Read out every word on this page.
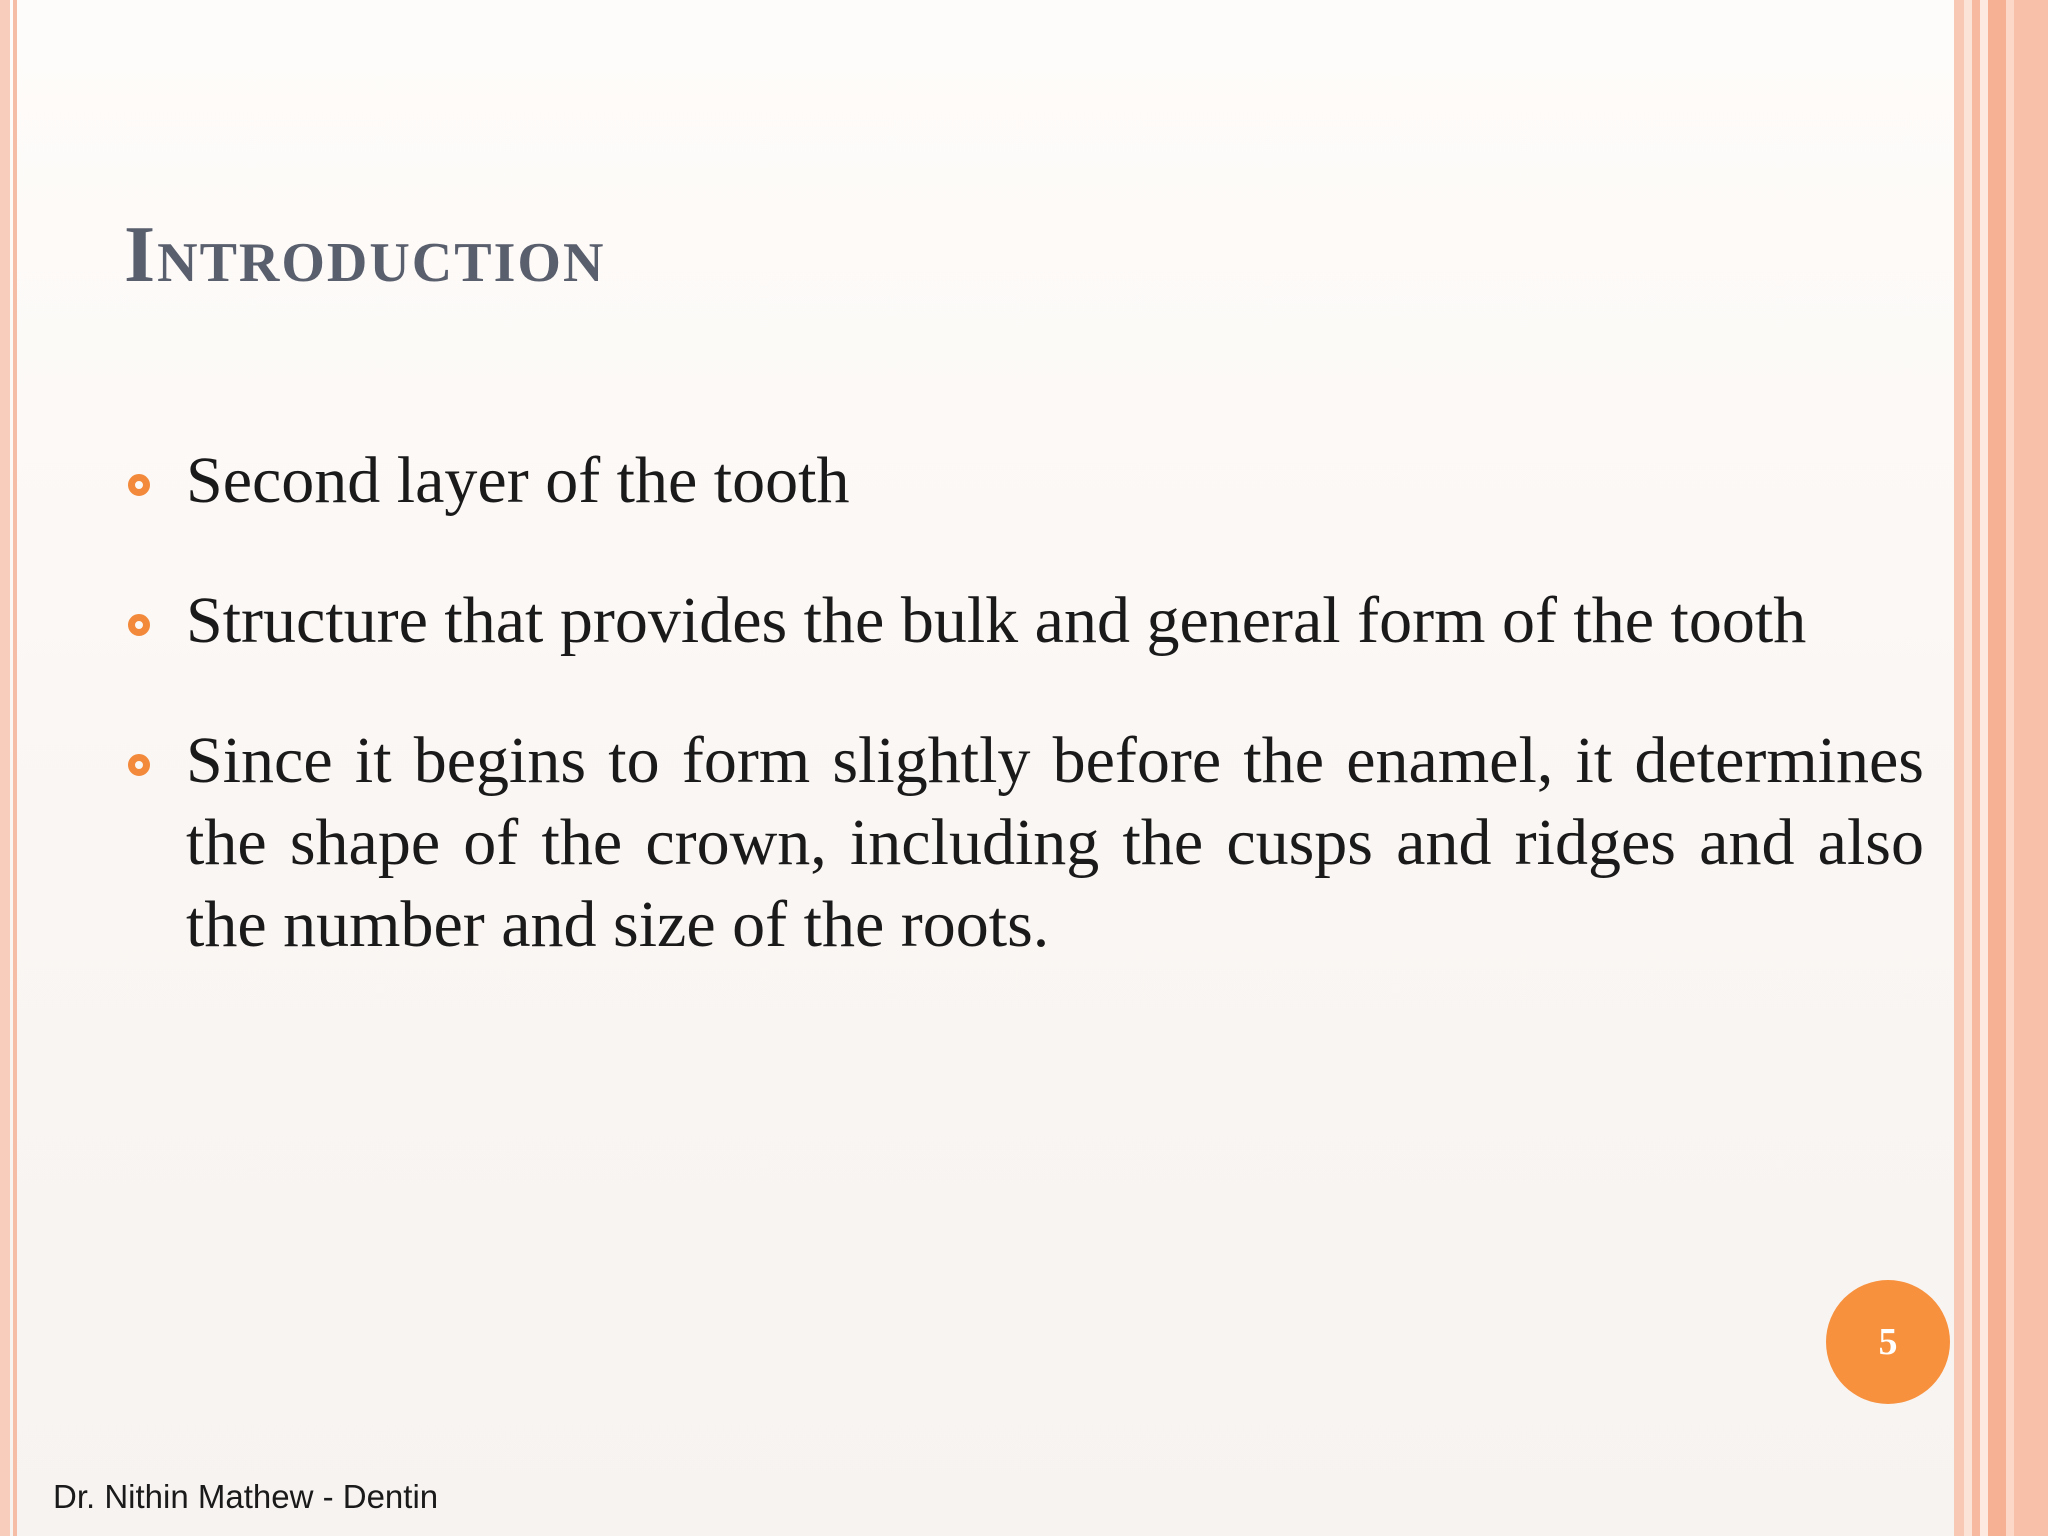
Introduction
Second layer of the tooth
Structure that provides the bulk and general form of the tooth
Since it begins to form slightly before the enamel, it determines the shape of the crown, including the cusps and ridges and also the number and size of the roots.
5
Dr. Nithin Mathew - Dentin
